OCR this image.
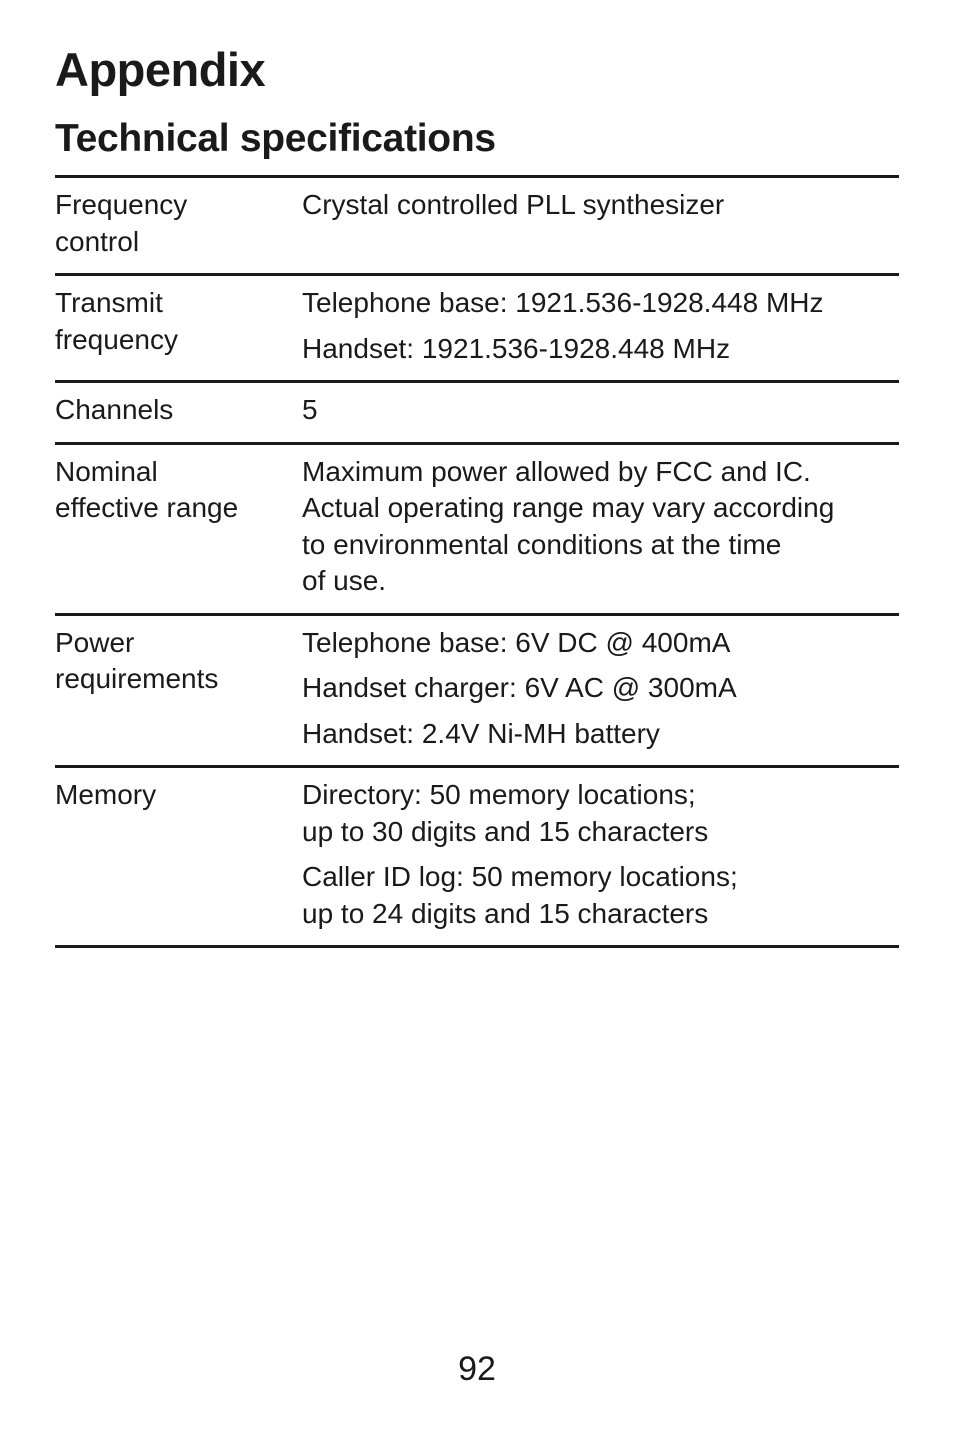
Appendix
Technical specifications
Frequency
control
Crystal controlled PLL synthesizer
Transmit
frequency
Telephone base: 1921.536-1928.448 MHz
Handset: 1921.536-1928.448 MHz
Channels	5
Nominal
effective range
Maximum power allowed by FCC and IC.
Actual operating range may vary according
to environmental conditions at the time
of use.
Power
requirements
Telephone base: 6V DC @ 400mA
Handset charger: 6V AC @ 300mA
Handset: 2.4V Ni-MH battery
Memory	Directory: 50 memory locations;
up to 30 digits and 15 characters
Caller ID log: 50 memory locations;
up to 24 digits and 15 characters
92
